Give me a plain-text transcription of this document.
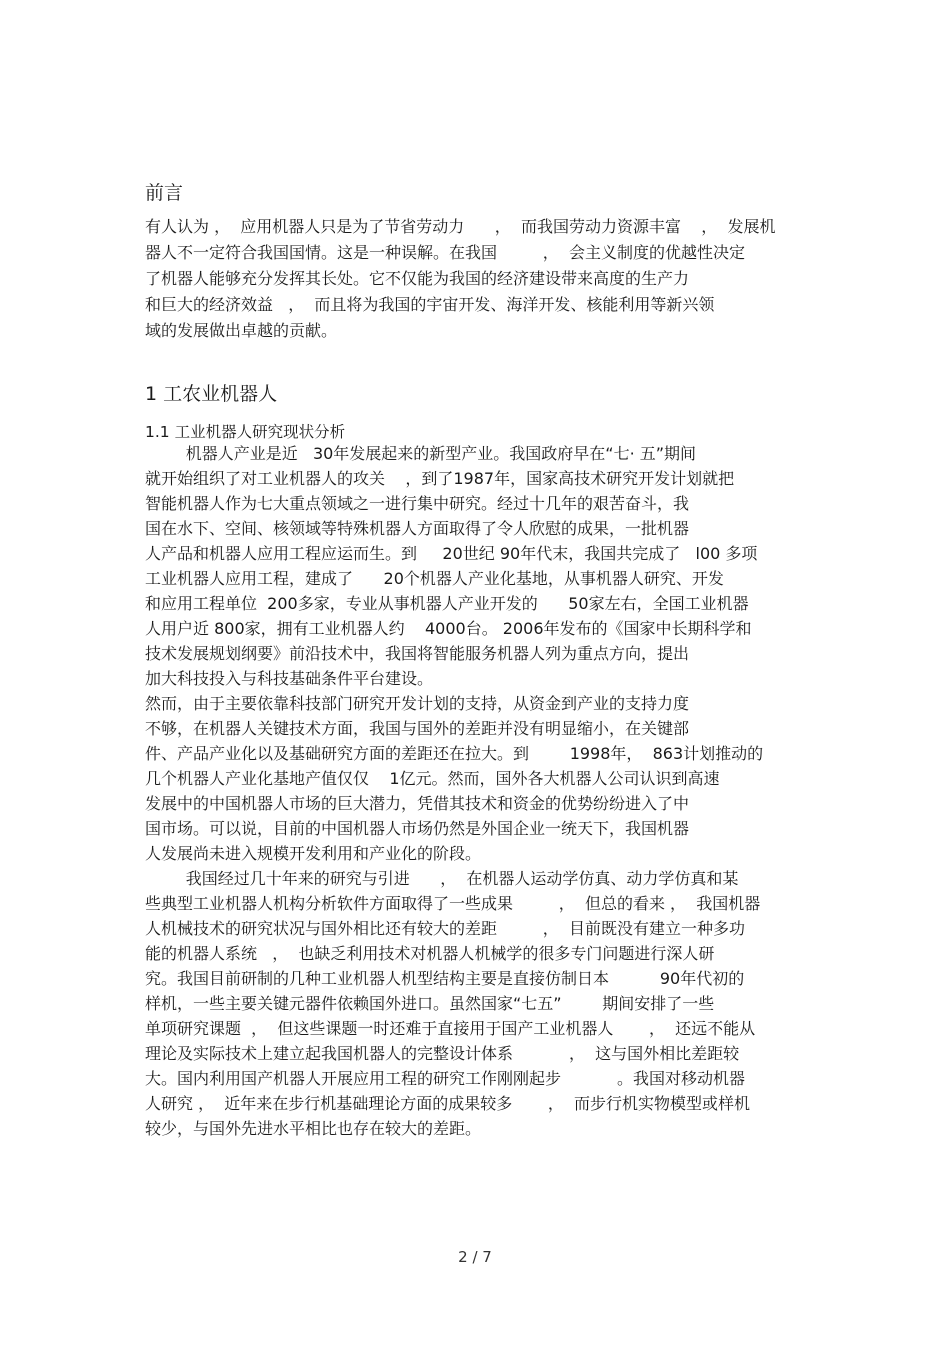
前言
有人认为 ，  应用机器人只是为了节省劳动力      ，  而我国劳动力资源丰富    ，  发展机
器人不一定符合我国国情。这是一种误解。在我国         ，  会主义制度的优越性决定
了机器人能够充分发挥其长处。它不仅能为我国的经济建设带来高度的生产力
和巨大的经济效益   ，  而且将为我国的宇宙开发、海洋开发、核能利用等新兴领
域的发展做出卓越的贡献。
1 工农业机器人
1.1 工业机器人研究现状分析
机器人产业是近   30年发展起来的新型产业。我国政府早在“七· 五”期间
就开始组织了对工业机器人的攻关    ，到了1987年，国家高技术研究开发计划就把
智能机器人作为七大重点领域之一进行集中研究。经过十几年的艰苦奋斗，我
国在水下、空间、核领域等特殊机器人方面取得了令人欣慰的成果，一批机器
人产品和机器人应用工程应运而生。到     20世纪 90年代末，我国共完成了   l00 多项
工业机器人应用工程，建成了      20个机器人产业化基地，从事机器人研究、开发
和应用工程单位  200多家，专业从事机器人产业开发的      50家左右，全国工业机器
人用户近 800家，拥有工业机器人约    4000台。 2006年发布的《国家中长期科学和
技术发展规划纲要》前沿技术中，我国将智能服务机器人列为重点方向，提出
加大科技投入与科技基础条件平台建设。
然而，由于主要依靠科技部门研究开发计划的支持，从资金到产业的支持力度
不够，在机器人关键技术方面，我国与国外的差距并没有明显缩小，在关键部
件、产品产业化以及基础研究方面的差距还在拉大。到        1998年，  863计划推动的
几个机器人产业化基地产值仅仅    1亿元。然而，国外各大机器人公司认识到高速
发展中的中国机器人市场的巨大潜力，凭借其技术和资金的优势纷纷进入了中
国市场。可以说，目前的中国机器人市场仍然是外国企业一统天下，我国机器
人发展尚未进入规模开发利用和产业化的阶段。
我国经过几十年来的研究与引进      ，  在机器人运动学仿真、动力学仿真和某
些典型工业机器人机构分析软件方面取得了一些成果         ，  但总的看来 ，  我国机器
人机械技术的研究状况与国外相比还有较大的差距         ，  目前既没有建立一种多功
能的机器人系统   ，  也缺乏利用技术对机器人机械学的很多专门问题进行深人研
究。我国目前研制的几种工业机器人机型结构主要是直接仿制日本          90年代初的
样机，一些主要关键元器件依赖国外进口。虽然国家“七五”        期间安排了一些
单项研究课题  ，  但这些课题一时还难于直接用于国产工业机器人       ，  还远不能从
理论及实际技术上建立起我国机器人的完整设计体系           ，  这与国外相比差距较
大。国内利用国产机器人开展应用工程的研究工作刚刚起步           。我国对移动机器
人研究 ，  近年来在步行机基础理论方面的成果较多       ，  而步行机实物模型或样机
较少，与国外先进水平相比也存在较大的差距。
2 / 7
